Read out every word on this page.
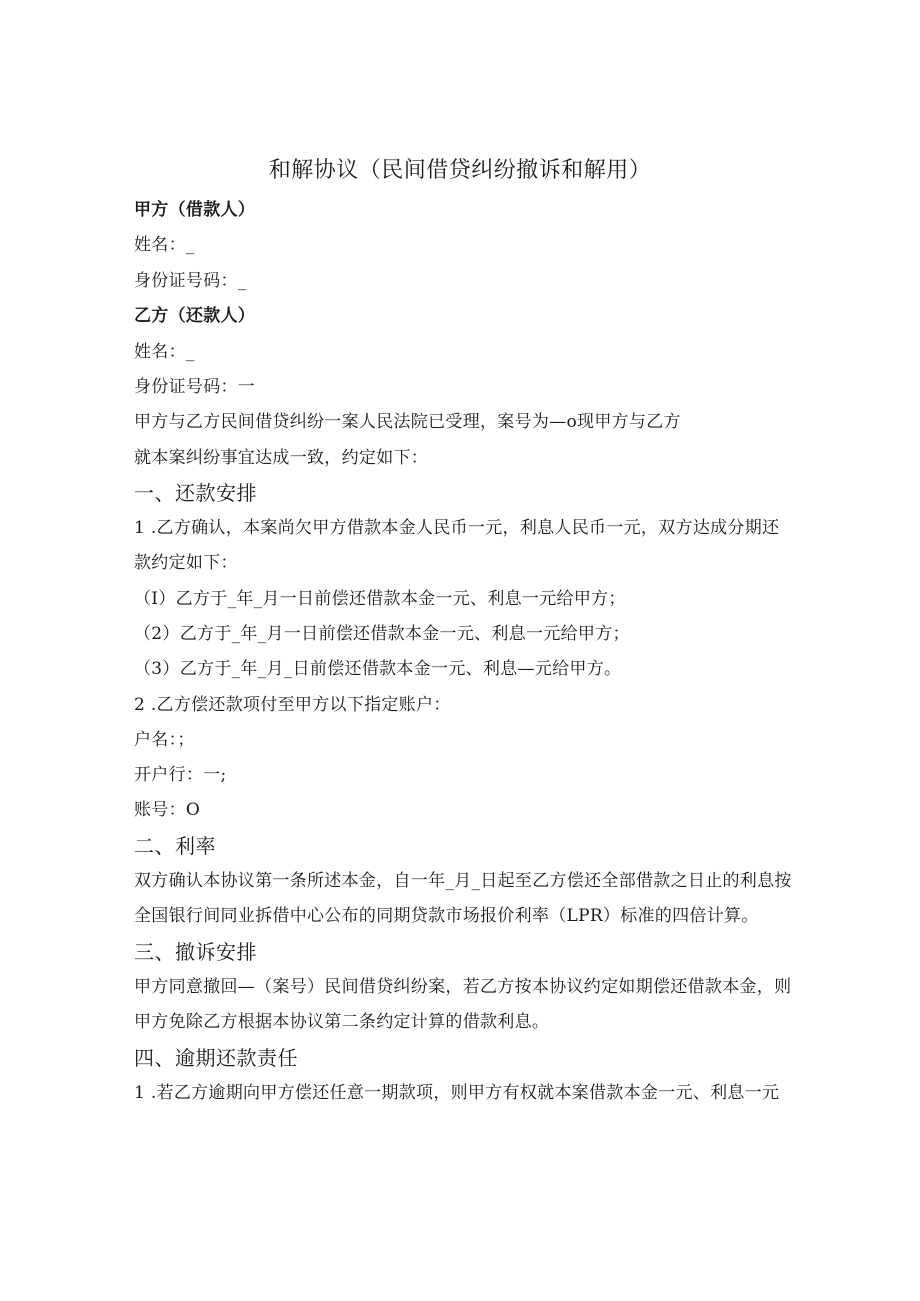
和解协议（民间借贷纠纷撤诉和解用）
甲方（借款人）
姓名：_
身份证号码：_
乙方（还款人）
姓名：_
身份证号码：一
甲方与乙方民间借贷纠纷一案人民法院已受理，案号为—o现甲方与乙方
就本案纠纷事宜达成一致，约定如下：
一、还款安排
1 .乙方确认，本案尚欠甲方借款本金人民币一元，利息人民币一元，双方达成分期还
款约定如下：
（I）乙方于_年_月一日前偿还借款本金一元、利息一元给甲方；
（2）乙方于_年_月一日前偿还借款本金一元、利息一元给甲方；
（3）乙方于_年_月_日前偿还借款本金一元、利息—元给甲方。
2 .乙方偿还款项付至甲方以下指定账户：
户名：；
开户行：一;
账号：O
二、利率
双方确认本协议第一条所述本金，自一年_月_日起至乙方偿还全部借款之日止的利息按
全国银行间同业拆借中心公布的同期贷款市场报价利率（LPR）标准的四倍计算。
三、撤诉安排
甲方同意撤回—（案号）民间借贷纠纷案，若乙方按本协议约定如期偿还借款本金，则
甲方免除乙方根据本协议第二条约定计算的借款利息。
四、逾期还款责任
1 .若乙方逾期向甲方偿还任意一期款项，则甲方有权就本案借款本金一元、利息一元
